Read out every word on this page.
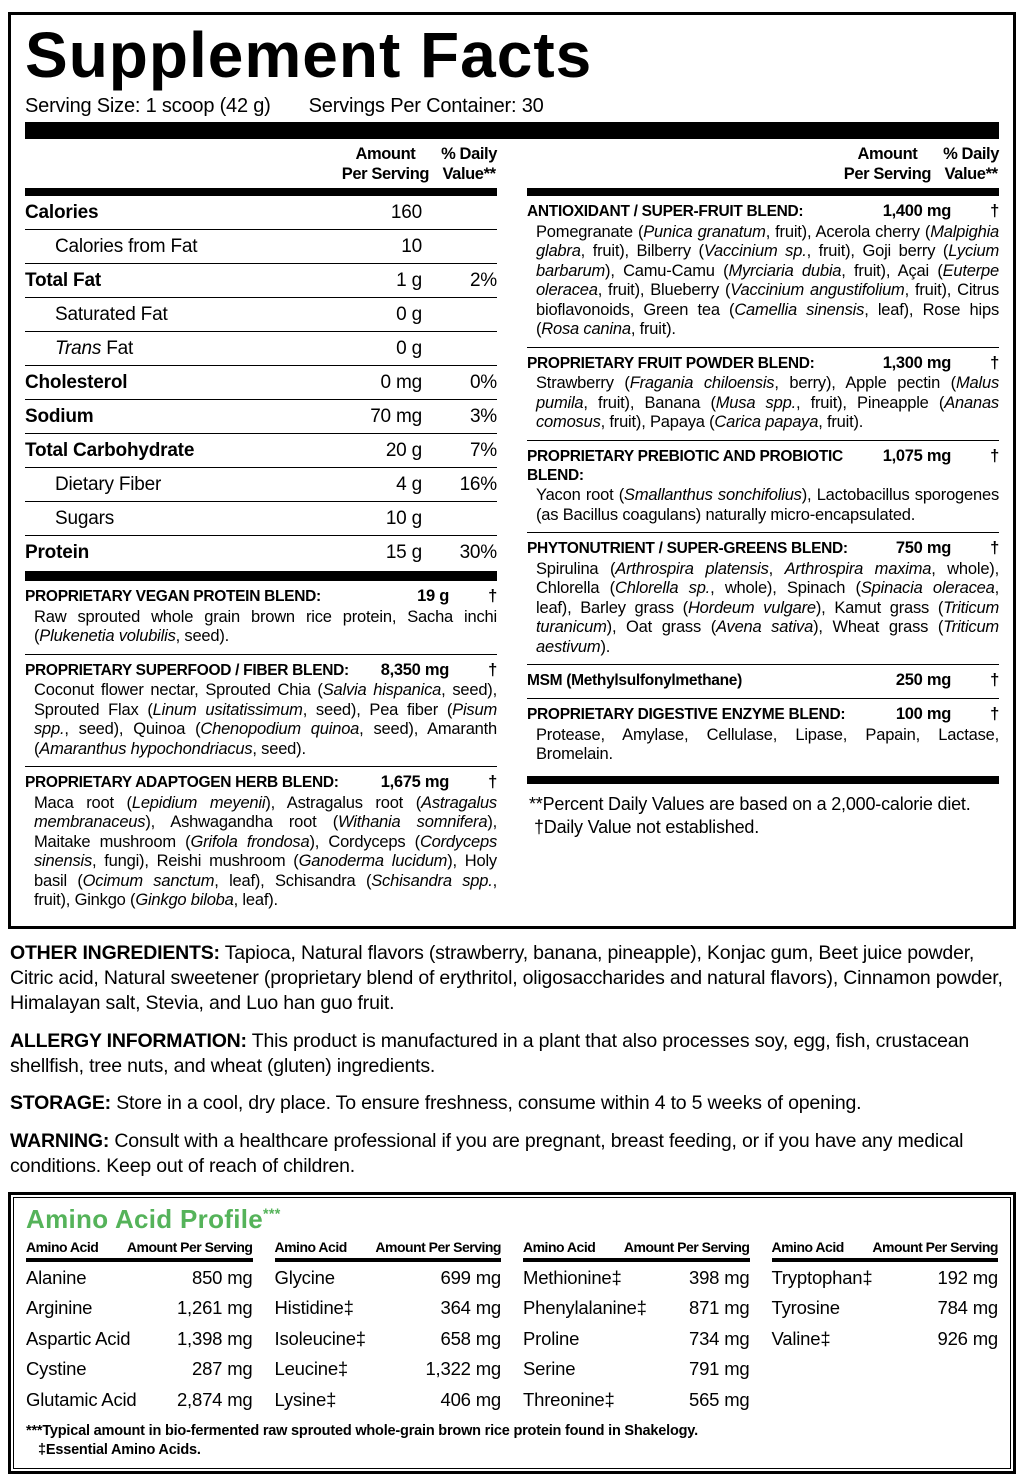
Supplement Facts
Serving Size: 1 scoop (42 g) Servings Per Container: 30
Amount
Per Serving
% Daily
Value**
Calories	160
Calories from Fat	10
Total Fat	1 g	2%
Saturated Fat	0 g
Trans Fat	0 g
Cholesterol	0 mg	0%
Sodium	70 mg	3%
Total Carbohydrate	20 g	7%
Dietary Fiber	4 g	16%
Sugars	10 g
Protein	15 g	30%
PROPRIETARY VEGAN PROTEIN BLEND:	19 g	†
Raw sprouted whole grain brown rice protein, Sacha inchi (Plukenetia volubilis, seed).
PROPRIETARY SUPERFOOD / FIBER BLEND:	8,350 mg	†
Coconut flower nectar, Sprouted Chia (Salvia hispanica, seed), Sprouted Flax (Linum usitatissimum, seed), Pea fiber (Pisum spp., seed), Quinoa (Chenopodium quinoa, seed), Amaranth (Amaranthus hypochondriacus, seed).
PROPRIETARY ADAPTOGEN HERB BLEND:	1,675 mg	†
Maca root (Lepidium meyenii), Astragalus root (Astragalus membranaceus), Ashwagandha root (Withania somnifera), Maitake mushroom (Grifola frondosa), Cordyceps (Cordyceps sinensis, fungi), Reishi mushroom (Ganoderma lucidum), Holy basil (Ocimum sanctum, leaf), Schisandra (Schisandra spp., fruit), Ginkgo (Ginkgo biloba, leaf).
Amount
Per Serving
% Daily
Value**
ANTIOXIDANT / SUPER-FRUIT BLEND:	1,400 mg	†
Pomegranate (Punica granatum, fruit), Acerola cherry (Malpighia glabra, fruit), Bilberry (Vaccinium sp., fruit), Goji berry (Lycium barbarum), Camu-Camu (Myrciaria dubia, fruit), Açai (Euterpe oleracea, fruit), Blueberry (Vaccinium angustifolium, fruit), Citrus bioflavonoids, Green tea (Camellia sinensis, leaf), Rose hips (Rosa canina, fruit).
PROPRIETARY FRUIT POWDER BLEND:	1,300 mg	†
Strawberry (Fragania chiloensis, berry), Apple pectin (Malus pumila, fruit), Banana (Musa spp., fruit), Pineapple (Ananas comosus, fruit), Papaya (Carica papaya, fruit).
PROPRIETARY PREBIOTIC AND PROBIOTIC BLEND:
1,075 mg	†
Yacon root (Smallanthus sonchifolius), Lactobacillus sporogenes (as Bacillus coagulans) naturally micro-encapsulated.
PHYTONUTRIENT / SUPER-GREENS BLEND:	750 mg	†
Spirulina (Arthrospira platensis, Arthrospira maxima, whole), Chlorella (Chlorella sp., whole), Spinach (Spinacia oleracea, leaf), Barley grass (Hordeum vulgare), Kamut grass (Triticum turanicum), Oat grass (Avena sativa), Wheat grass (Triticum aestivum).
MSM (Methylsulfonylmethane)	250 mg	†
PROPRIETARY DIGESTIVE ENZYME BLEND:	100 mg	†
Protease, Amylase, Cellulase, Lipase, Papain, Lactase, Bromelain.
**Percent Daily Values are based on a 2,000-calorie diet.
†Daily Value not established.

OTHER INGREDIENTS: Tapioca, Natural flavors (strawberry, banana, pineapple), Konjac gum, Beet juice powder, Citric acid, Natural sweetener (proprietary blend of erythritol, oligosaccharides and natural flavors), Cinnamon powder, Himalayan salt, Stevia, and Luo han guo fruit.

ALLERGY INFORMATION: This product is manufactured in a plant that also processes soy, egg, fish, crustacean shellfish, tree nuts, and wheat (gluten) ingredients.

STORAGE: Store in a cool, dry place. To ensure freshness, consume within 4 to 5 weeks of opening.

WARNING: Consult with a healthcare professional if you are pregnant, breast feeding, or if you have any medical conditions. Keep out of reach of children.

Amino Acid Profile***
Amino Acid Amount Per Serving
Alanine	850 mg
Arginine	1,261 mg
Aspartic Acid	1,398 mg
Cystine	287 mg
Glutamic Acid 2,874 mg
Amino Acid Amount Per Serving
Glycine	699 mg
Histidine‡	364 mg
Isoleucine‡	658 mg
Leucine‡	1,322 mg
Lysine‡	406 mg
Amino Acid Amount Per Serving
Methionine‡	398 mg
Phenylalanine‡ 871 mg
Proline	734 mg
Serine	791 mg
Threonine‡	565 mg
Amino Acid Amount Per Serving
Tryptophan‡	192 mg
Tyrosine	784 mg
Valine‡	926 mg
***Typical amount in bio-fermented raw sprouted whole-grain brown rice protein found in Shakelogy.
‡Essential Amino Acids.
